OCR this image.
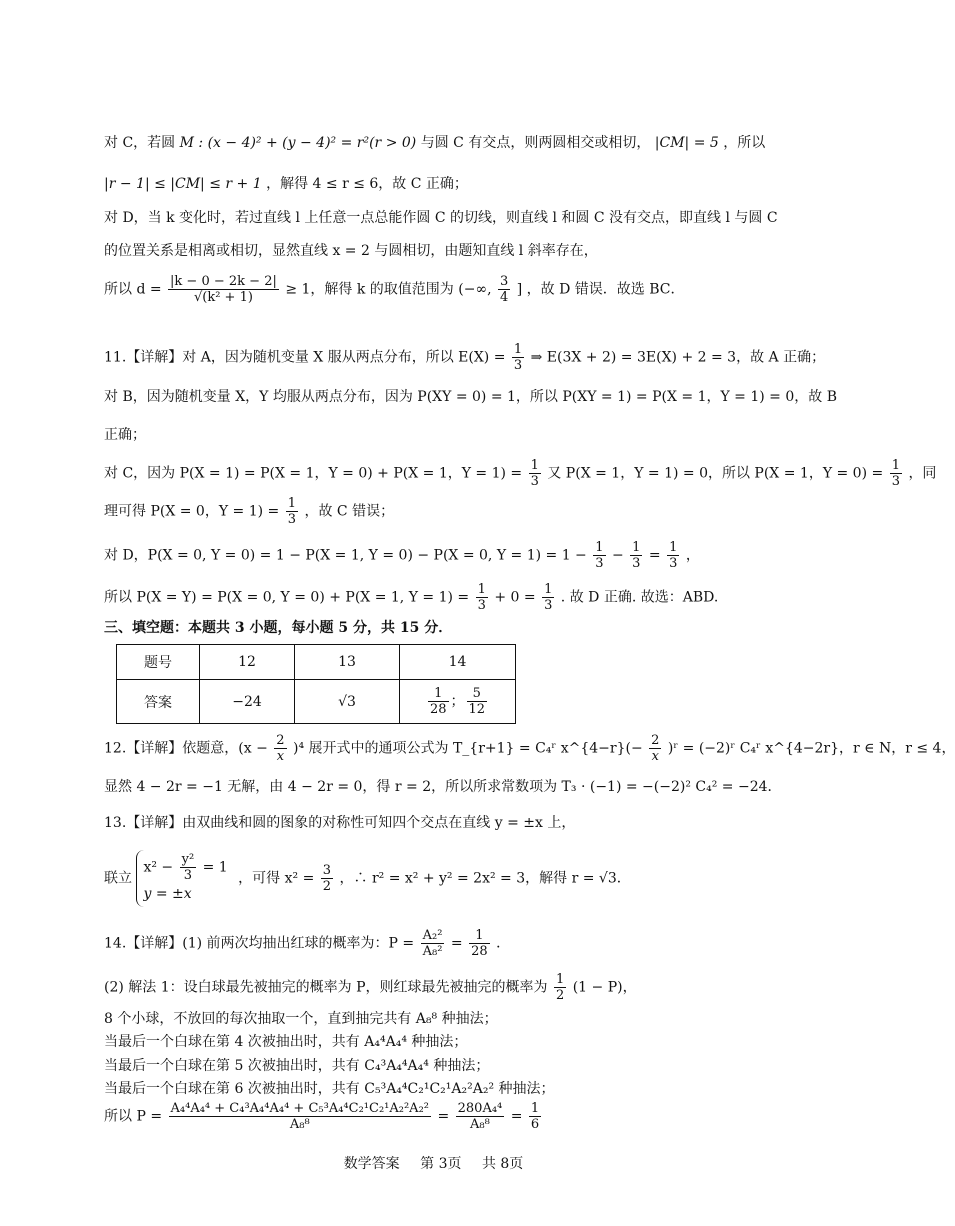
对 C，若圆 M : (x − 4)² + (y − 4)² = r²(r > 0) 与圆 C 有交点，则两圆相交或相切， |CM| = 5 ，所以
|r − 1| ≤ |CM| ≤ r + 1 ，解得 4 ≤ r ≤ 6，故 C 正确；
对 D，当 k 变化时，若过直线 l 上任意一点总能作圆 C 的切线，则直线 l 和圆 C 没有交点，即直线 l 与圆 C
的位置关系是相离或相切，显然直线 x = 2 与圆相切，由题知直线 l 斜率存在，
所以 $d = \frac{|k - 0 - 2k - 2|}{\text{√(k² + 1)}} \ge 1$，解得 k 的取值范围为 (−∞, $\frac{3}{4}$ ] ，故 D 错误．故选 BC．
11.【详解】对 A，因为随机变量 X 服从两点分布，所以 $E(X) = \frac{1}{3}$ ⇒ E(3X + 2) = 3E(X) + 2 = 3，故 A 正确；
对 B，因为随机变量 X，Y 均服从两点分布，因为 P(XY = 0) = 1，所以 P(XY = 1) = P(X = 1，Y = 1) = 0，故 B
正确；
对 C，因为 P(X = 1) = P(X = 1，Y = 0) + P(X = 1，$Y = 1) = \frac{1}{3}$ 又 P(X = 1，Y = 1) = 0，所以 P(X = 1，$Y = 0) = \frac{1}{3}$ ，同
理可得 P(X = 0，$Y = 1) = \frac{1}{3}$ ，故 C 错误；
对 D，P(X = 0, Y = 0) = 1 − P(X = 1, Y = 0) − P(X = 0, $Y = 1) = 1 - \frac{1}{3} - \frac{1}{3} = \frac{1}{3}$ ，
所以 P(X = Y) = P(X = 0, Y = 0) + P(X = 1, $Y = 1) = \frac{1}{3} + 0 = \frac{1}{3}$ . 故 D 正确. 故选：ABD.
三、填空题：本题共 3 小题，每小题 5 分，共 15 分．
题号	12	13	14
答案	−24	√3	$\frac{1}{28}$ ； $\frac{5}{12}$
12.【详解】依题意，$(x - \frac{2}{x} )^4$ 展开式中的通项公式为 T_{r+1} = C₄ʳ x^{4−r}(− $\frac{2}{x}$ )ʳ = (−2)ʳ C₄ʳ x^{4−2r}，r ∈ N，r ≤ 4，
显然 4 − 2r = −1 无解，由 4 − 2r = 0，得 r = 2，所以所求常数项为 T₃ · (−1) = −(−2)² C₄² = −24．
13.【详解】由双曲线和圆的图象的对称性可知四个交点在直线 y = ±x 上，
联立
$x^2 - \frac{\text{y²}}{3} = 1$
y = ±x
，可得 $x^2 = \frac{3}{2}$ ，∴ r² = x² + y² = 2x² = 3，解得 r = √3．
14.【详解】(1) 前两次均抽出红球的概率为：$P = \frac{\text{A₂²}}{\text{A₈²}} = \frac{1}{28}$ ．
(2) 解法 1：设白球最先被抽完的概率为 P，则红球最先被抽完的概率为 $\frac{1}{2} (1 - P)$，
8 个小球，不放回的每次抽取一个，直到抽完共有 A₈⁸ 种抽法；
当最后一个白球在第 4 次被抽出时，共有 A₄⁴A₄⁴ 种抽法；
当最后一个白球在第 5 次被抽出时，共有 C₄³A₄⁴A₄⁴ 种抽法；
当最后一个白球在第 6 次被抽出时，共有 C₅³A₄⁴C₂¹C₂¹A₂²A₂² 种抽法；
所以 $P = \frac{\text{A₄⁴A₄⁴ + C₄³A₄⁴A₄⁴ + C₅³A₄⁴C₂¹C₂¹A₂²A₂²}}{\text{A₈⁸}} = \frac{\text{280A₄⁴}}{\text{A₈⁸}} = \frac{1}{6}$
数学答案 第 3页 共 8页
